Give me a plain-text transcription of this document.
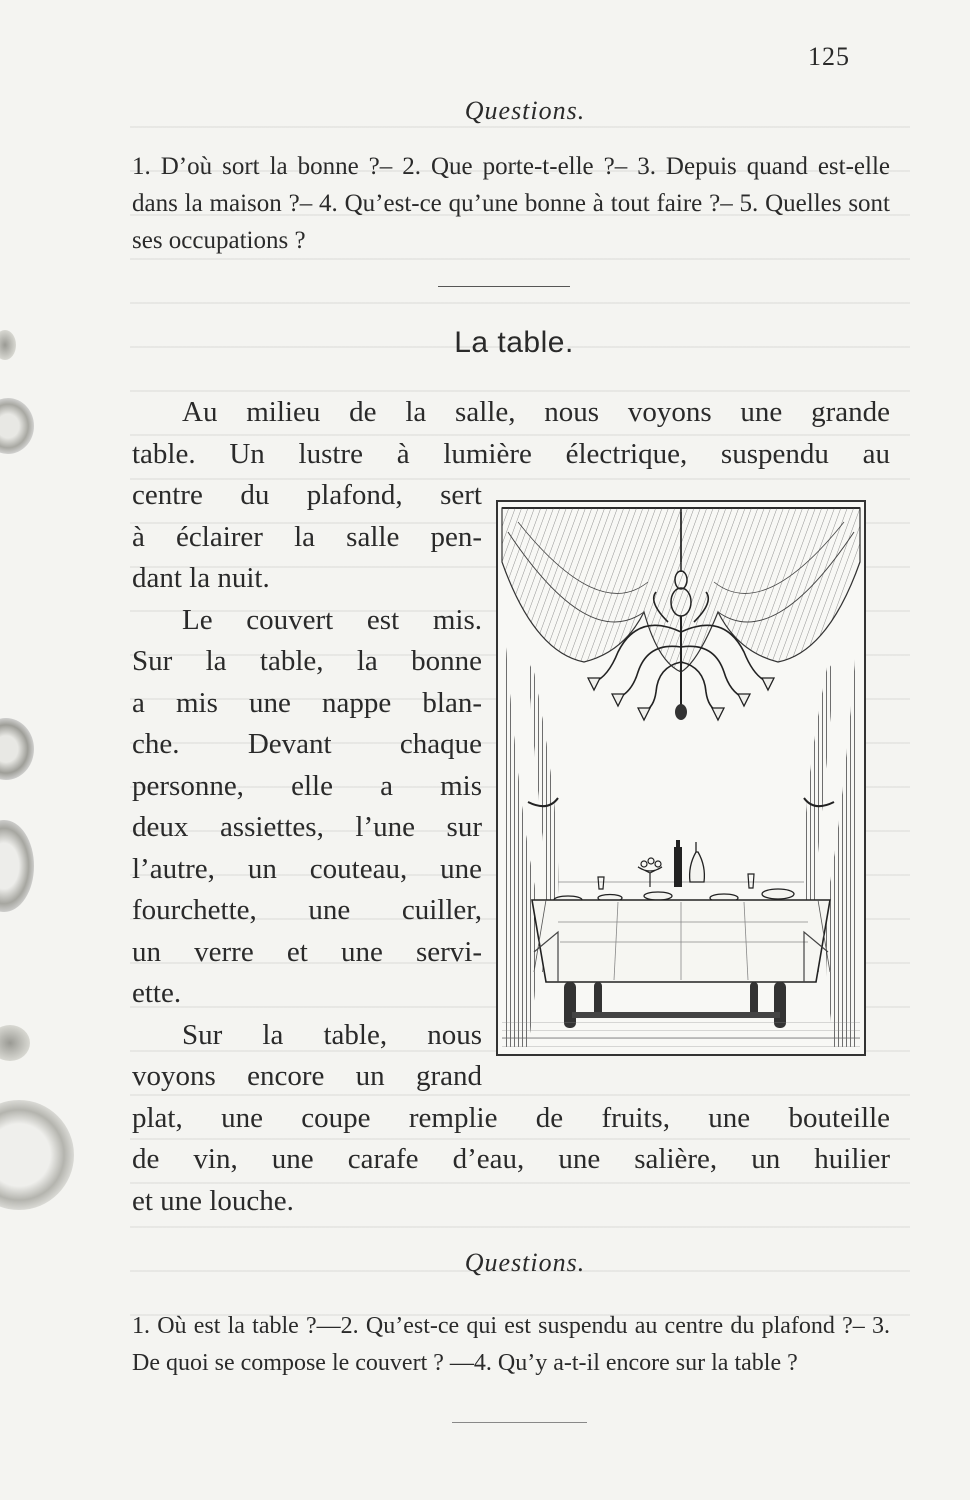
125
Questions.

1. D’où sort la bonne ?– 2. Que porte-t-elle ?– 3. Depuis quand est-elle dans la maison ?– 4. Qu’est-ce qu’une bonne à tout faire ?– 5. Quelles sont ses occupations ?

La table.
Au milieu de la salle, nous voyons une grande
table. Un lustre à lumière électrique, suspendu au
centre du plafond, sert
à éclairer la salle pen-
dant la nuit.
Le couvert est mis.
Sur la table, la bonne
a mis une nappe blan-
che. Devant chaque
personne, elle a mis
deux assiettes, l’une sur
l’autre, un couteau, une
fourchette, une cuiller,
un verre et une servi-
ette.
Sur la table, nous
voyons encore un grand
plat, une coupe remplie de fruits, une bouteille
de vin, une carafe d’eau, une salière, un huilier
et une louche.
Questions.

1. Où est la table ?—2. Qu’est-ce qui est suspendu au centre du plafond ?– 3. De quoi se compose le couvert ? —4. Qu’y a-t-il encore sur la table ?
